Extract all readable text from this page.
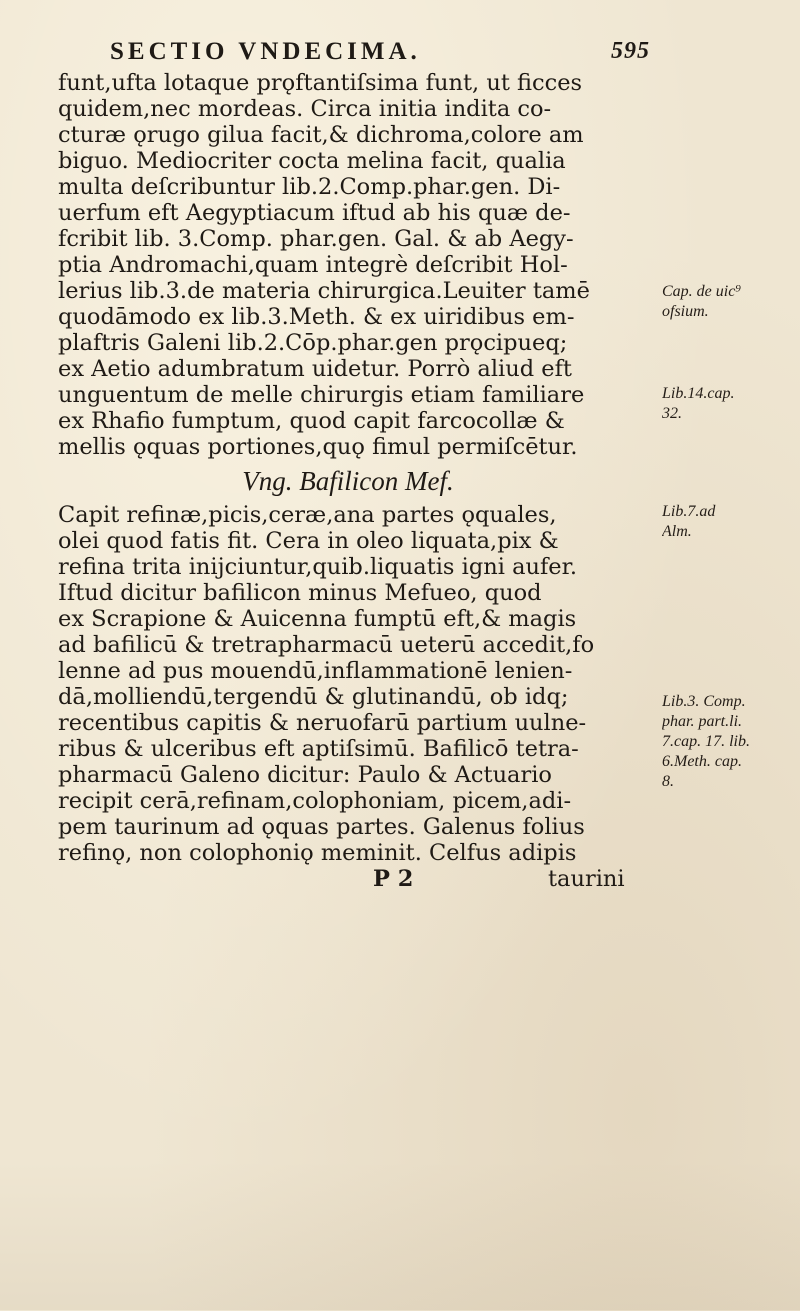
SECTIO VNDECIMA.	595
funt,ufta lotaque prǫftantiſsima funt, ut ficces
quidem,nec mordeas. Circa initia indita co-
cturæ ǫrugo gilua facit,& dichroma,colore am
biguo. Mediocriter cocta melina facit, qualia
multa deſcribuntur lib.2.Comp.phar.gen. Di-
uerfum eft Aegyptiacum iftud ab his quæ de-
fcribit lib. 3.Comp. phar.gen. Gal. & ab Aegy-
ptia Andromachi,quam integrè deſcribit Hol-
lerius lib.3.de materia chirurgica.Leuiter tamē
quodāmodo ex lib.3.Meth. & ex uiridibus em-
plaftris Galeni lib.2.Cōp.phar.gen prǫcipueq;
ex Aetio adumbratum uidetur. Porrò aliud eft
unguentum de melle chirurgis etiam familiare
ex Rhafio fumptum, quod capit farcocollæ &
mellis ǫquas portiones,quǫ fimul permiſcētur.
Vng. Bafilicon Mef.
Capit refinæ,picis,ceræ,ana partes ǫquales,
olei quod fatis fit. Cera in oleo liquata,pix &
refina trita inijciuntur,quib.liquatis igni aufer.
Iftud dicitur bafilicon minus Mefueo, quod
ex Scrapione & Auicenna fumptū eft,& magis
ad bafilicū & tretrapharmacū ueterū accedit,fo
lenne ad pus mouendū,inflammationē lenien-
dā,molliendū,tergendū & glutinandū, ob idq;
recentibus capitis & neruofarū partium uulne-
ribus & ulceribus eft aptiſsimū. Bafilicō tetra-
pharmacū Galeno dicitur: Paulo & Actuario
recipit cerā,refinam,colophoniam, picem,adi-
pem taurinum ad ǫquas partes. Galenus folius
refinǫ, non colophoniǫ meminit. Celfus adipis
P 2	taurini
Cap. de uic⁹
ofsium.
Lib.14.cap.
32.
Lib.7.ad
Alm.
Lib.3. Comp.
phar. part.li.
7.cap. 17. lib.
6.Meth. cap.
8.
